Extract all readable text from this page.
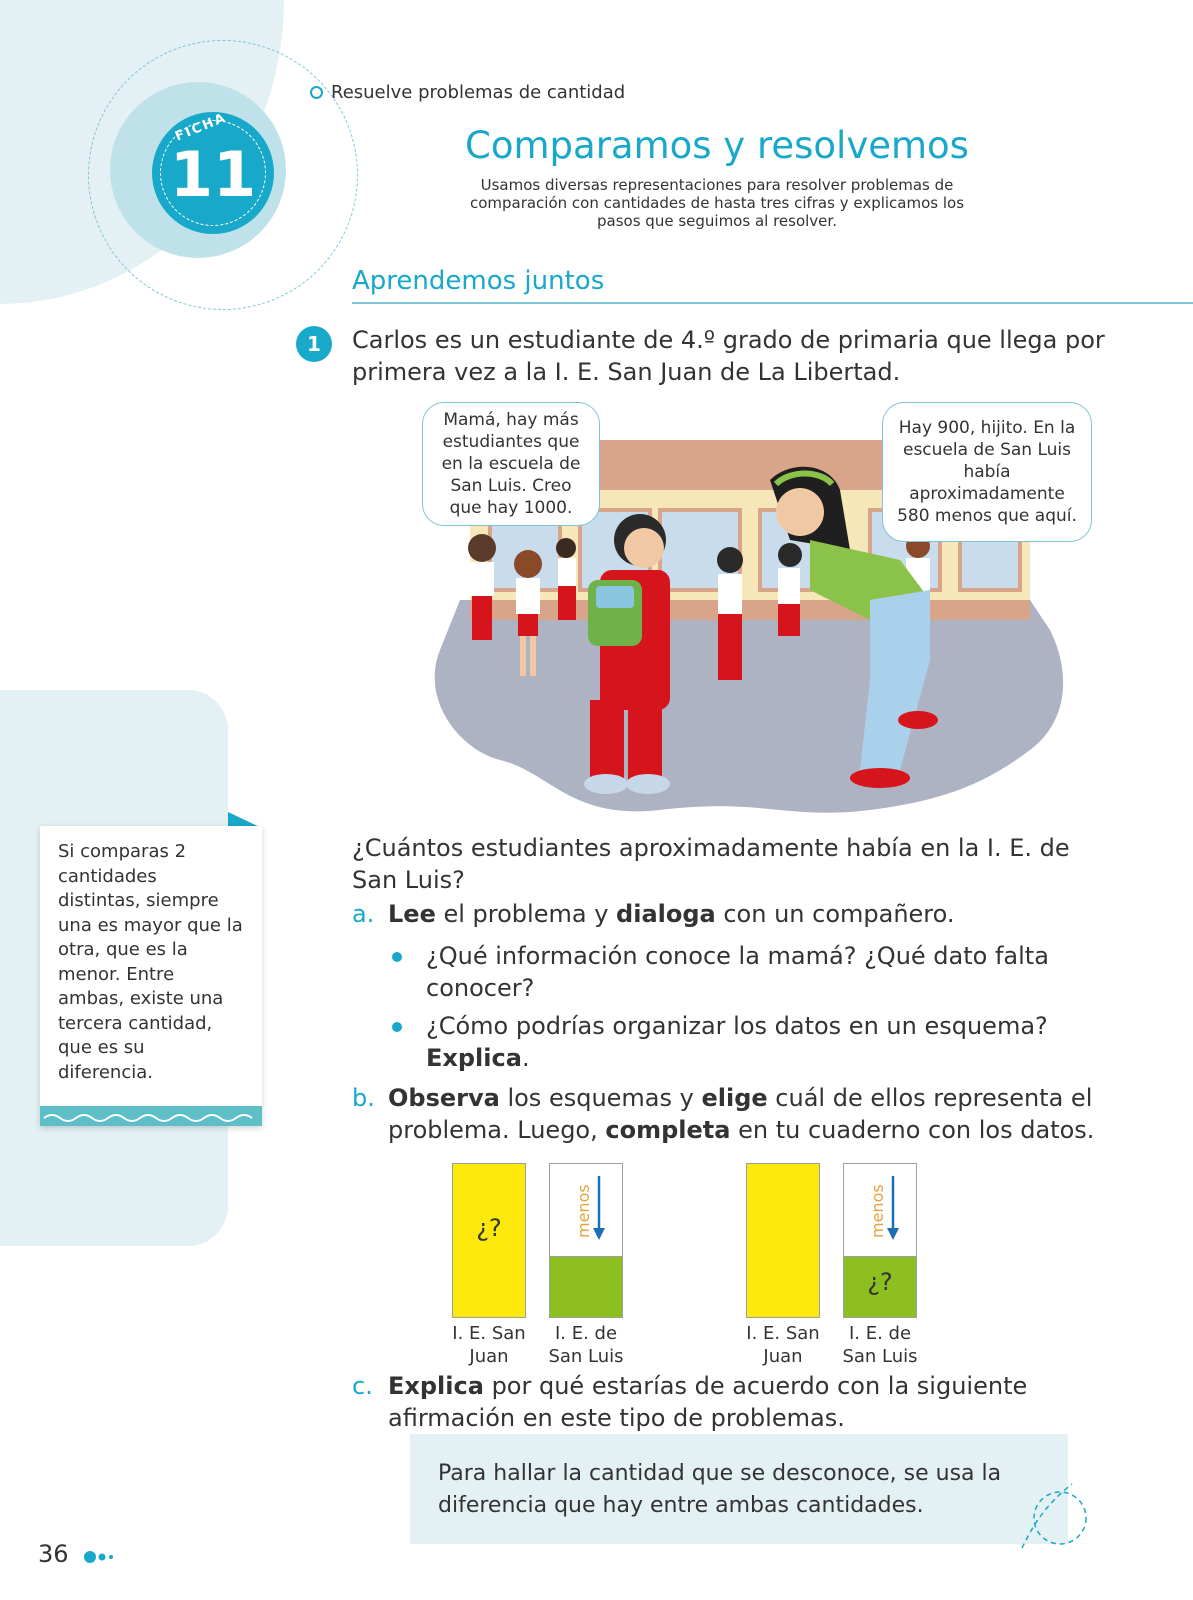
FICHA
11
Resuelve problemas de cantidad
Comparamos y resolvemos
Usamos diversas representaciones para resolver problemas de comparación con cantidades de hasta tres cifras y explicamos los pasos que seguimos al resolver.
Aprendemos juntos
1	Carlos es un estudiante de 4.º grado de primaria que llega por primera vez a la I. E. San Juan de La Libertad.
Mamá, hay más estudiantes que en la escuela de San Luis. Creo que hay 1000.
Hay 900, hijito. En la escuela de San Luis había aproximadamente 580 menos que aquí.
Si comparas 2 cantidades distintas, siempre una es mayor que la otra, que es la menor. Entre ambas, existe una tercera cantidad, que es su diferencia.
¿Cuántos estudiantes aproximadamente había en la I. E. de San Luis?
a. Lee el problema y dialoga con un compañero.
¿Qué información conoce la mamá? ¿Qué dato falta conocer?
¿Cómo podrías organizar los datos en un esquema? Explica.
b. Observa los esquemas y elige cuál de ellos representa el
problema. Luego, completa en tu cuaderno con los datos.
¿?	menos
I. E. San
Juan
I. E. de
San Luis
¿?
menos
I. E. San
Juan
I. E. de
San Luis
c. Explica por qué estarías de acuerdo con la siguiente
afirmación en este tipo de problemas.
Para hallar la cantidad que se desconoce, se usa la diferencia que hay entre ambas cantidades.
36
